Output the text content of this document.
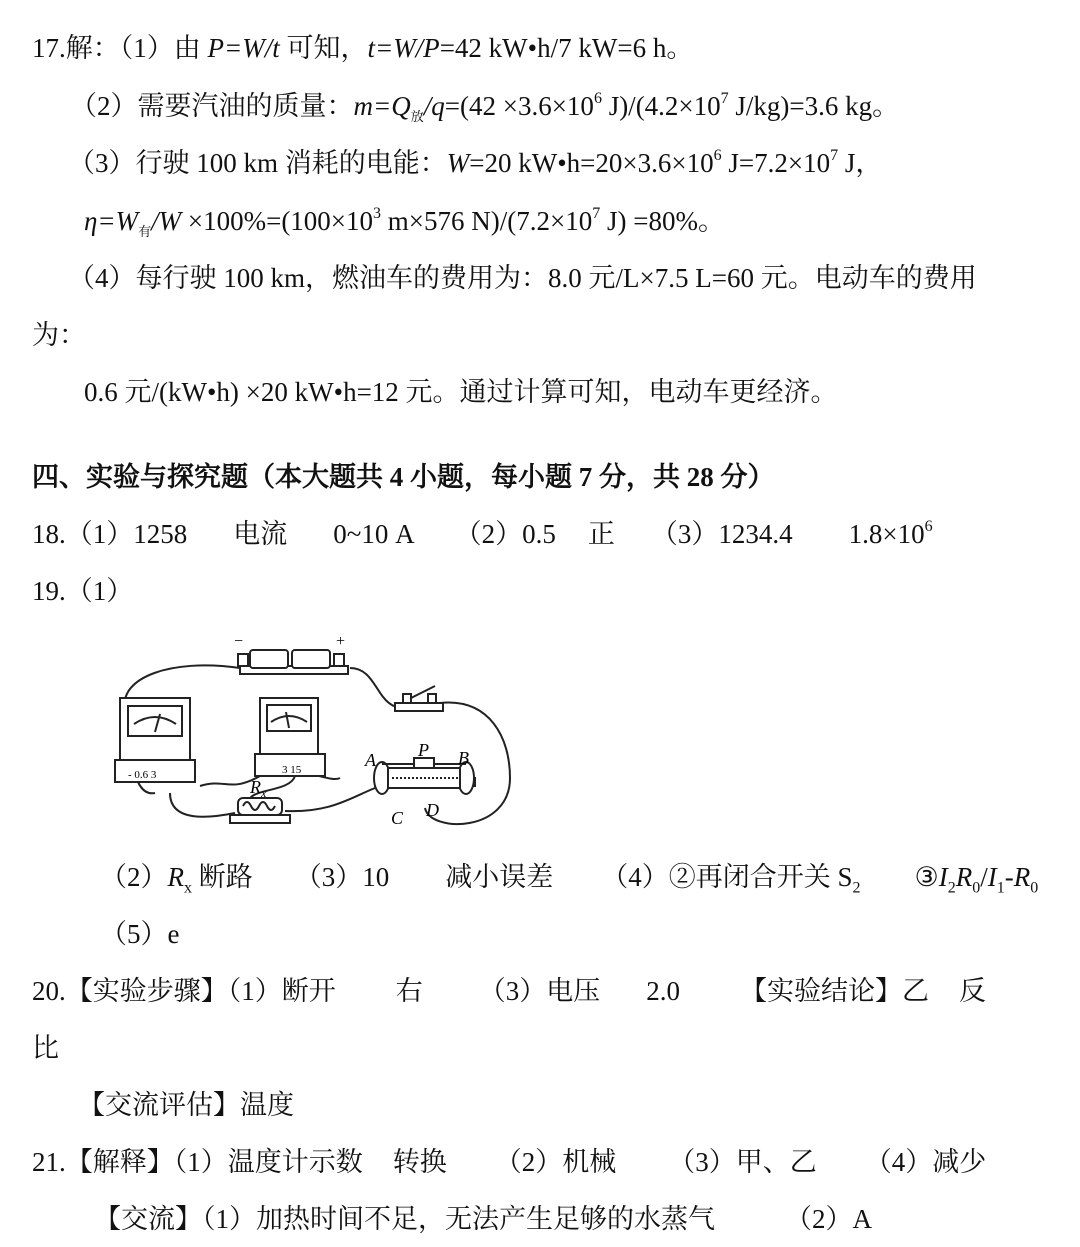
17.解：（1）由 P=W/t 可知，t=W/P=42 kW•h/7 kW=6 h。
（2）需要汽油的质量：$m=Q_放/q=(42 \times 3.6\times 10^6$ $J)/(4.2\times 10^7$ J/kg)=3.6 kg。
（3）行驶 100 km 消耗的电能：W=20 $kW•h=20\times 3.6\times 10^6$ $J=7.2\times 10^7$ J，
$\eta=W_有/W \times 100\%=(100\times 10^3$ m×576 $N)/(7.2\times 10^7$ J) =80%。
（4）每行驶 100 km，燃油车的费用为：8.0 元/L×7.5 L=60 元。电动车的费用
为：
0.6 元/(kW•h) ×20 kW•h=12 元。通过计算可知，电动车更经济。
四、实验与探究题（本大题共 4 小题，每小题 7 分，共 28 分）
18.（1）1258 电流 0~10 A （2）0.5 正 （3）1234.4 $1.8\times 10^6$
19.（1）
−	+
- 0.6 3	3 15
$R_x$
A P B
C D
$(2)R_x$ 断路 （3）10 减小误差 （4）②再闭合开关 $S_2$ $③I_2R_0/I_1-R_0$
（5）e
20.【实验步骤】（1）断开 右 （3）电压 2.0 【实验结论】乙 反
比
【交流评估】温度
21.【解释】（1）温度计示数 转换 （2）机械 （3）甲、乙 （4）减少
【交流】（1）加热时间不足，无法产生足够的水蒸气	（2）A
